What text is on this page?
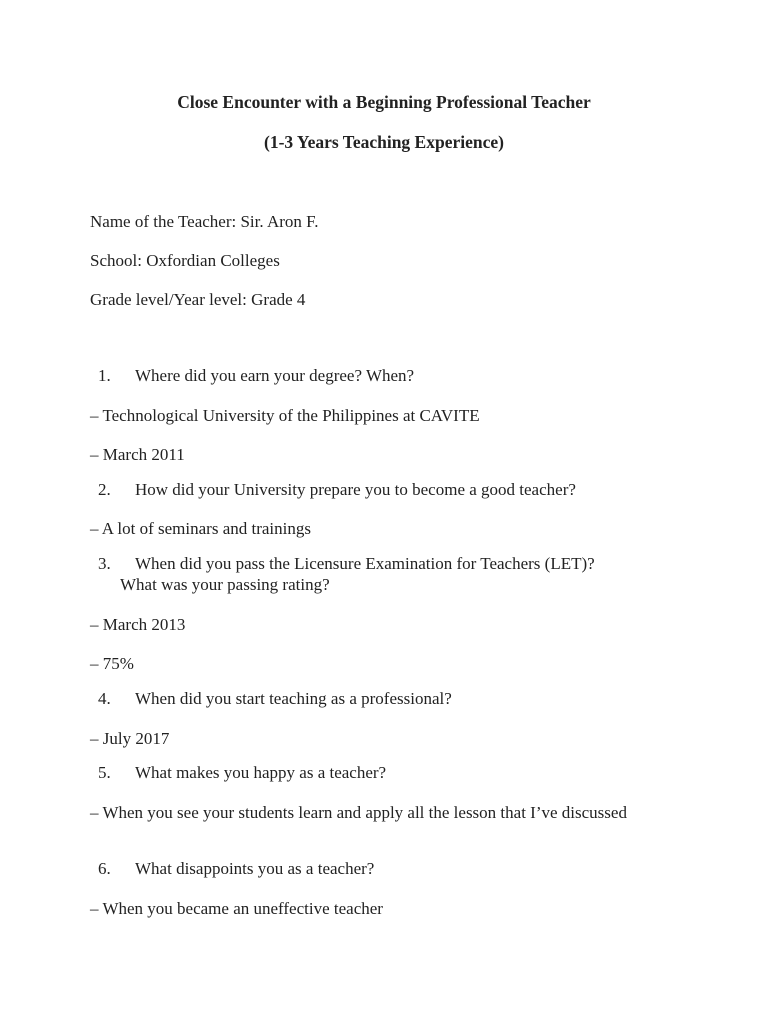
Close Encounter with a Beginning Professional Teacher
(1-3 Years Teaching Experience)
Name of the Teacher: Sir. Aron F.
School: Oxfordian Colleges
Grade level/Year level: Grade 4
1. Where did you earn your degree? When?
– Technological University of the Philippines at CAVITE
– March 2011
2. How did your University prepare you to become a good teacher?
– A lot of seminars and trainings
3. When did you pass the Licensure Examination for Teachers (LET)?
What was your passing rating?
– March 2013
– 75%
4. When did you start teaching as a professional?
– July 2017
5. What makes you happy as a teacher?
– When you see your students learn and apply all the lesson that I’ve discussed
6. What disappoints you as a teacher?
– When you became an uneffective teacher
